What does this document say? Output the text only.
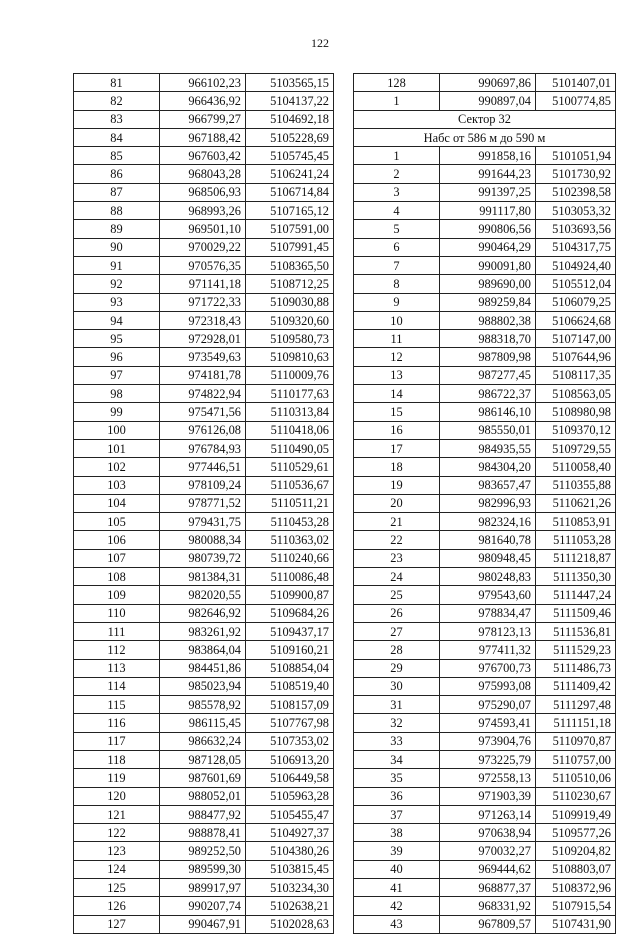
122
81	966102,23	5103565,15
82	966436,92	5104137,22
83	966799,27	5104692,18
84	967188,42	5105228,69
85	967603,42	5105745,45
86	968043,28	5106241,24
87	968506,93	5106714,84
88	968993,26	5107165,12
89	969501,10	5107591,00
90	970029,22	5107991,45
91	970576,35	5108365,50
92	971141,18	5108712,25
93	971722,33	5109030,88
94	972318,43	5109320,60
95	972928,01	5109580,73
96	973549,63	5109810,63
97	974181,78	5110009,76
98	974822,94	5110177,63
99	975471,56	5110313,84
100	976126,08	5110418,06
101	976784,93	5110490,05
102	977446,51	5110529,61
103	978109,24	5110536,67
104	978771,52	5110511,21
105	979431,75	5110453,28
106	980088,34	5110363,02
107	980739,72	5110240,66
108	981384,31	5110086,48
109	982020,55	5109900,87
110	982646,92	5109684,26
111	983261,92	5109437,17
112	983864,04	5109160,21
113	984451,86	5108854,04
114	985023,94	5108519,40
115	985578,92	5108157,09
116	986115,45	5107767,98
117	986632,24	5107353,02
118	987128,05	5106913,20
119	987601,69	5106449,58
120	988052,01	5105963,28
121	988477,92	5105455,47
122	988878,41	5104927,37
123	989252,50	5104380,26
124	989599,30	5103815,45
125	989917,97	5103234,30
126	990207,74	5102638,21
127	990467,91	5102028,63
128	990697,86	5101407,01
1	990897,04	5100774,85
Сектор 32		
Набс от 586 м до 590 м		
1	991858,16	5101051,94
2	991644,23	5101730,92
3	991397,25	5102398,58
4	991117,80	5103053,32
5	990806,56	5103693,56
6	990464,29	5104317,75
7	990091,80	5104924,40
8	989690,00	5105512,04
9	989259,84	5106079,25
10	988802,38	5106624,68
11	988318,70	5107147,00
12	987809,98	5107644,96
13	987277,45	5108117,35
14	986722,37	5108563,05
15	986146,10	5108980,98
16	985550,01	5109370,12
17	984935,55	5109729,55
18	984304,20	5110058,40
19	983657,47	5110355,88
20	982996,93	5110621,26
21	982324,16	5110853,91
22	981640,78	5111053,28
23	980948,45	5111218,87
24	980248,83	5111350,30
25	979543,60	5111447,24
26	978834,47	5111509,46
27	978123,13	5111536,81
28	977411,32	5111529,23
29	976700,73	5111486,73
30	975993,08	5111409,42
31	975290,07	5111297,48
32	974593,41	5111151,18
33	973904,76	5110970,87
34	973225,79	5110757,00
35	972558,13	5110510,06
36	971903,39	5110230,67
37	971263,14	5109919,49
38	970638,94	5109577,26
39	970032,27	5109204,82
40	969444,62	5108803,07
41	968877,37	5108372,96
42	968331,92	5107915,54
43	967809,57	5107431,90
